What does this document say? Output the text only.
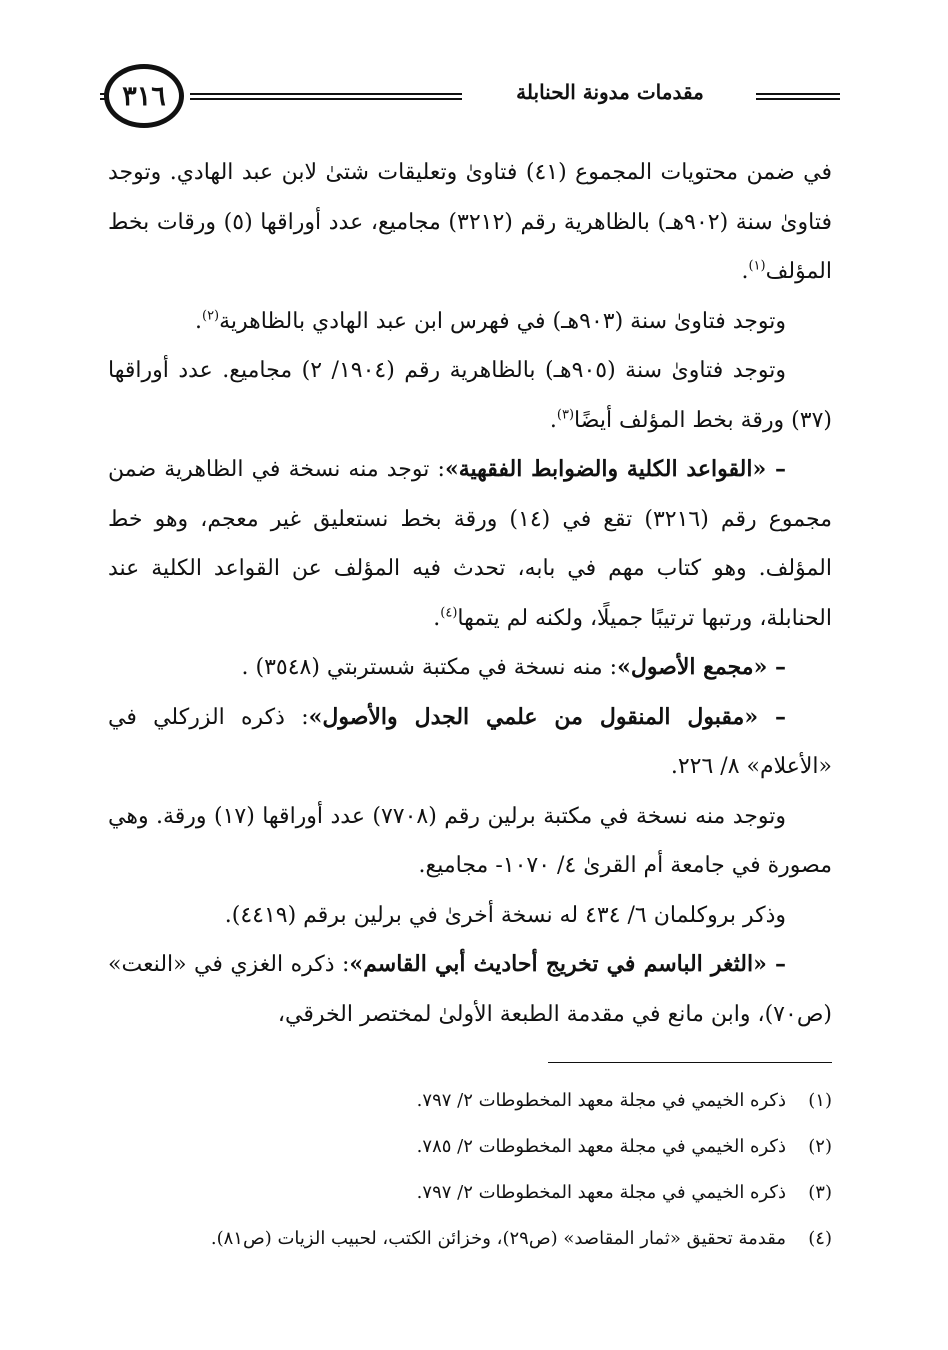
٣١٦	مقدمات مدونة الحنابلة

في ضمن محتويات المجموع (٤١) فتاوىٰ وتعليقات شتىٰ لابن عبد الهادي. وتوجد فتاوىٰ سنة (٩٠٢هـ) بالظاهرية رقم (٣٢١٢) مجاميع، عدد أوراقها (٥) ورقات بخط المؤلف$^{(١)}$.

وتوجد فتاوىٰ سنة (٩٠٣هـ) في فهرس ابن عبد الهادي بالظاهرية$^{(٢)}$.

وتوجد فتاوىٰ سنة (٩٠٥هـ) بالظاهرية رقم (١٩٠٤/ ٢) مجاميع. عدد أوراقها (٣٧) ورقة بخط المؤلف أيضًا$^{(٣)}$.

– «القواعد الكلية والضوابط الفقهية»: توجد منه نسخة في الظاهرية ضمن مجموع رقم (٣٢١٦) تقع في (١٤) ورقة بخط نستعليق غير معجم، وهو خط المؤلف. وهو كتاب مهم في بابه، تحدث فيه المؤلف عن القواعد الكلية عند الحنابلة، ورتبها ترتيبًا جميلًا، ولكنه لم يتمها$^{(٤)}$.

– «مجمع الأصول»: منه نسخة في مكتبة شستربتي (٣٥٤٨) .

– «مقبول المنقول من علمي الجدل والأصول»: ذكره الزركلي في «الأعلام» ٨/ ٢٢٦.

وتوجد منه نسخة في مكتبة برلين رقم (٧٧٠٨) عدد أوراقها (١٧) ورقة. وهي مصورة في جامعة أم القرىٰ ٤/ ١٠٧٠- مجاميع.

وذكر بروكلمان ٦/ ٤٣٤ له نسخة أخرىٰ في برلين برقم (٤٤١٩).

– «الثغر الباسم في تخريج أحاديث أبي القاسم»: ذكره الغزي في «النعت» (ص٧٠)، وابن مانع في مقدمة الطبعة الأولىٰ لمختصر الخرقي،

(١)ذكره الخيمي في مجلة معهد المخطوطات ٢/ ٧٩٧.
(٢)ذكره الخيمي في مجلة معهد المخطوطات ٢/ ٧٨٥.
(٣)ذكره الخيمي في مجلة معهد المخطوطات ٢/ ٧٩٧.
(٤)مقدمة تحقيق «ثمار المقاصد» (ص٢٩)، وخزائن الكتب، لحبيب الزيات (ص٨١).
